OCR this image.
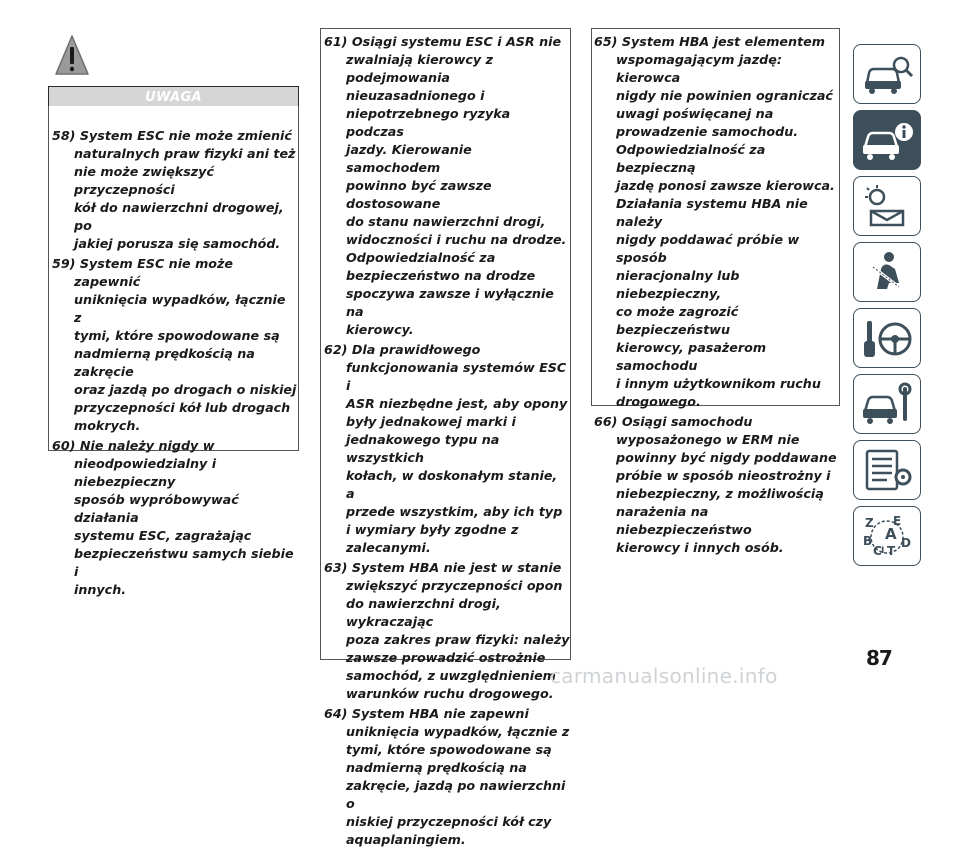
UWAGA
58) System ESC nie może zmienić
naturalnych praw fizyki ani też
nie może zwiększyć przyczepności
kół do nawierzchni drogowej, po
jakiej porusza się samochód.
59) System ESC nie może zapewnić
uniknięcia wypadków, łącznie z
tymi, które spowodowane są
nadmierną prędkością na zakręcie
oraz jazdą po drogach o niskiej
przyczepności kół lub drogach
mokrych.
60) Nie należy nigdy w
nieodpowiedzialny i niebezpieczny
sposób wypróbowywać działania
systemu ESC, zagrażając
bezpieczeństwu samych siebie i
innych.
61) Osiągi systemu ESC i ASR nie
zwalniają kierowcy z
podejmowania nieuzasadnionego i
niepotrzebnego ryzyka podczas
jazdy. Kierowanie samochodem
powinno być zawsze dostosowane
do stanu nawierzchni drogi,
widoczności i ruchu na drodze.
Odpowiedzialność za
bezpieczeństwo na drodze
spoczywa zawsze i wyłącznie na
kierowcy.
62) Dla prawidłowego
funkcjonowania systemów ESC i
ASR niezbędne jest, aby opony
były jednakowej marki i
jednakowego typu na wszystkich
kołach, w doskonałym stanie, a
przede wszystkim, aby ich typ
i wymiary były zgodne z
zalecanymi.
63) System HBA nie jest w stanie
zwiększyć przyczepności opon
do nawierzchni drogi, wykraczając
poza zakres praw fizyki: należy
zawsze prowadzić ostrożnie
samochód, z uwzględnieniem
warunków ruchu drogowego.
64) System HBA nie zapewni
uniknięcia wypadków, łącznie z
tymi, które spowodowane są
nadmierną prędkością na
zakręcie, jazdą po nawierzchni o
niskiej przyczepności kół czy
aquaplaningiem.
65) System HBA jest elementem
wspomagającym jazdę: kierowca
nigdy nie powinien ograniczać
uwagi poświęcanej na
prowadzenie samochodu.
Odpowiedzialność za bezpieczną
jazdę ponosi zawsze kierowca.
Działania systemu HBA nie należy
nigdy poddawać próbie w sposób
nieracjonalny lub niebezpieczny,
co może zagrozić bezpieczeństwu
kierowcy, pasażerom samochodu
i innym użytkownikom ruchu
drogowego.
66) Osiągi samochodu
wyposażonego w ERM nie
powinny być nigdy poddawane
próbie w sposób nieostrożny i
niebezpieczny, z możliwością
narażenia na niebezpieczeństwo
kierowcy i innych osób.
Z E
B A
C T
D
I
87
carmanualsonline.info
